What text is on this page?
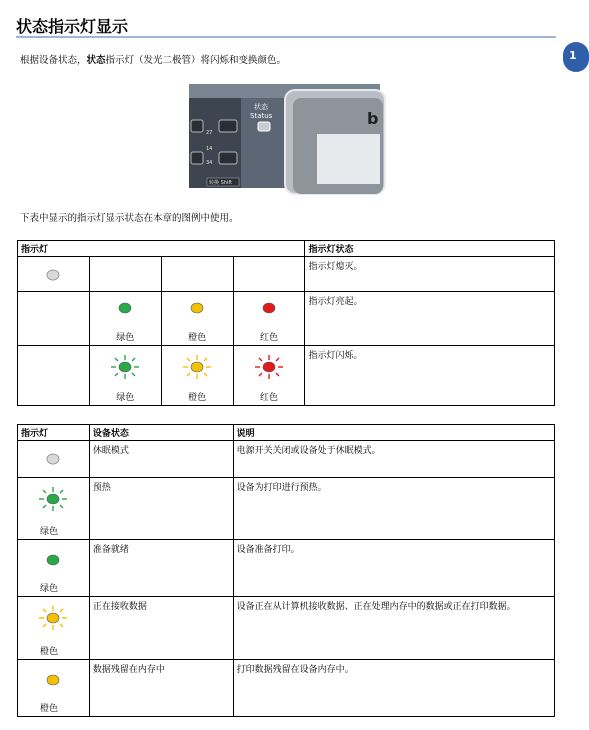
状态指示灯显示
1
根据设备状态，状态指示灯（发光二极管）将闪烁和变换颜色。
27
14
34
转换 Shift
状态
Status	b
下表中显示的指示灯显示状态在本章的图例中使用。
指示灯				指示灯状态

				指示灯熄灭。

	绿色	橙色	红色	指示灯亮起。

	绿色	橙色	红色	指示灯闪烁。
指示灯	设备状态	说明

	休眠模式	电源开关关闭或设备处于休眠模式。

绿色	预热	设备为打印进行预热。

绿色	准备就绪	设备准备打印。

橙色	正在接收数据	设备正在从计算机接收数据、正在处理内存中的数据或正在打印数据。

橙色	数据残留在内存中	打印数据残留在设备内存中。
